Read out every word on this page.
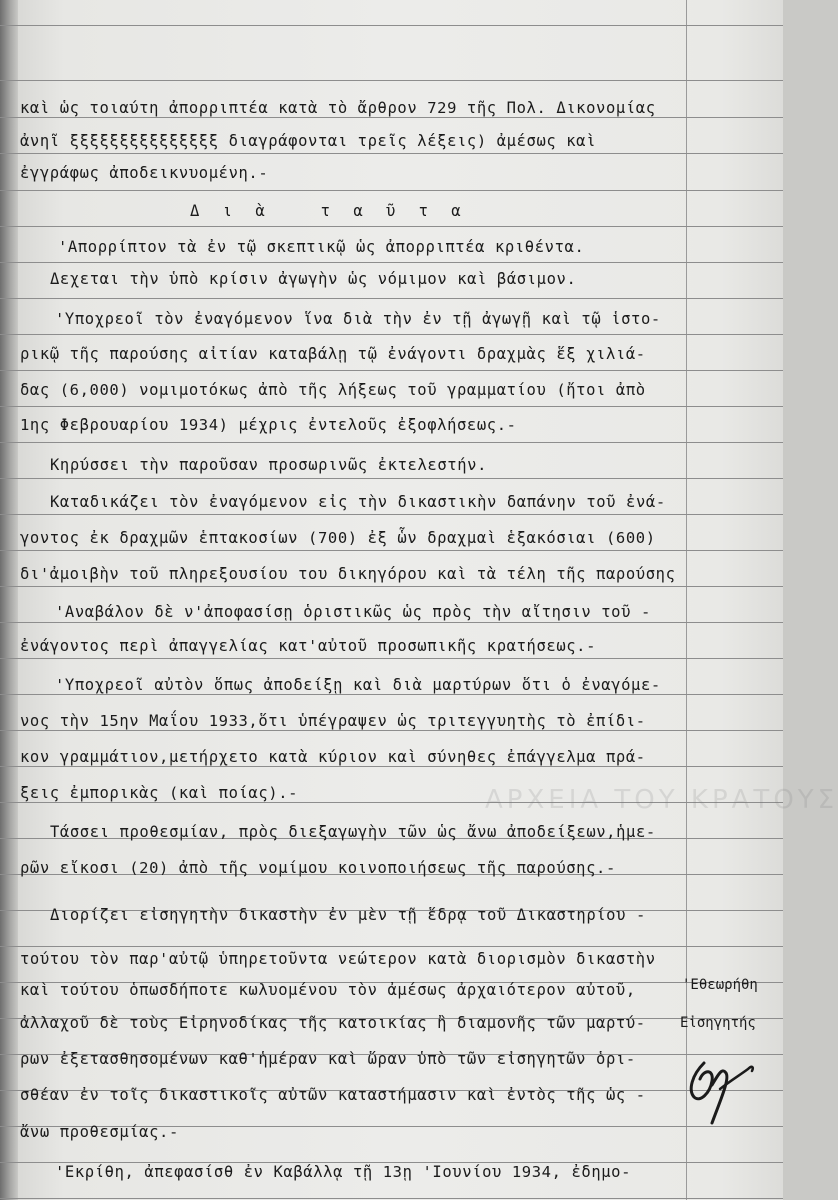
ΑΡΧΕΙΑ ΤΟΥ ΚΡΑΤΟΥΣ
καὶ ὡς τοιαύτη ἀπορριπτέα κατὰ τὸ ἄρθρον 729 τῆς Πολ. Δικονομίας
ἀνηῖ ξξξξξξξξξξξξξξξ διαγράφονται τρεῖς λέξεις) ἀμέσως καὶ
ἐγγράφως ἀποδεικνυομένη.-
Δ ι ὰ   τ α ῦ τ α
'Απορρίπτον τὰ ἐν τῷ σκεπτικῷ ὡς ἀπορριπτέα κριθέντα.
Δεχεται τὴν ὑπὸ κρίσιν ἀγωγὴν ὡς νόμιμον καὶ βάσιμον.
'Υποχρεοῖ τὸν ἐναγόμενον ἵνα διὰ τὴν ἐν τῇ ἀγωγῇ καὶ τῷ ἱστο-
ρικῷ τῆς παρούσης αἰτίαν καταβάλῃ τῷ ἐνάγοντι δραχμὰς ἕξ χιλιά-
δας (6,000) νομιμοτόκως ἀπὸ τῆς λήξεως τοῦ γραμματίου (ἤτοι ἀπὸ
1ης Φεβρουαρίου 1934) μέχρις ἐντελοῦς ἐξοφλήσεως.-
Κηρύσσει τὴν παροῦσαν προσωρινῶς ἐκτελεστήν.
Καταδικάζει τὸν ἐναγόμενον εἰς τὴν δικαστικὴν δαπάνην τοῦ ἐνά-
γοντος ἐκ δραχμῶν ἑπτακοσίων (700) ἐξ ὧν δραχμαὶ ἑξακόσιαι (600)
δι'ἀμοιβὴν τοῦ πληρεξουσίου του δικηγόρου καὶ τὰ τέλη τῆς παρούσης
'Αναβάλον δὲ ν'ἀποφασίσῃ ὁριστικῶς ὡς πρὸς τὴν αἴτησιν τοῦ -
ἐνάγοντος περὶ ἀπαγγελίας κατ'αὐτοῦ προσωπικῆς κρατήσεως.-
'Υποχρεοῖ αὐτὸν ὅπως ἀποδείξῃ καὶ διὰ μαρτύρων ὅτι ὁ ἐναγόμε-
νος τὴν 15ην Μαΐου 1933,ὅτι ὑπέγραψεν ὡς τριτεγγυητὴς τὸ ἐπίδι-
κον γραμμάτιον,μετήρχετο κατὰ κύριον καὶ σύνηθες ἐπάγγελμα πρά-
ξεις ἐμπορικὰς (καὶ ποίας).-
Τάσσει προθεσμίαν, πρὸς διεξαγωγὴν τῶν ὡς ἄνω ἀποδείξεων,ἡμε-
ρῶν εἴκοσι (20) ἀπὸ τῆς νομίμου κοινοποιήσεως τῆς παρούσης.-
Διορίζει εἰσηγητὴν δικαστὴν ἐν μὲν τῇ ἕδρᾳ τοῦ Δικαστηρίου -
τούτου τὸν παρ'αὐτῷ ὑπηρετοῦντα νεώτερον κατὰ διορισμὸν δικαστὴν
καὶ τούτου ὁπωσδήποτε κωλυομένου τὸν ἀμέσως ἀρχαιότερον αὐτοῦ,
ἀλλαχοῦ δὲ τοὺς Εἰρηνοδίκας τῆς κατοικίας ἢ διαμονῆς τῶν μαρτύ-
ρων ἐξετασθησομένων καθ'ἡμέραν καὶ ὥραν ὑπὸ τῶν εἰσηγητῶν ὁρι-
σθέαν ἐν τοῖς δικαστικοῖς αὐτῶν καταστήμασιν καὶ ἐντὸς τῆς ὡς -
ἄνω προθεσμίας.-
'Εκρίθη, ἀπεφασίσθ ἐν Καβάλλᾳ τῇ 13ῃ 'Ιουνίου 1934, ἐδημο-
'Εθεωρήθη
Εἰσηγητής
